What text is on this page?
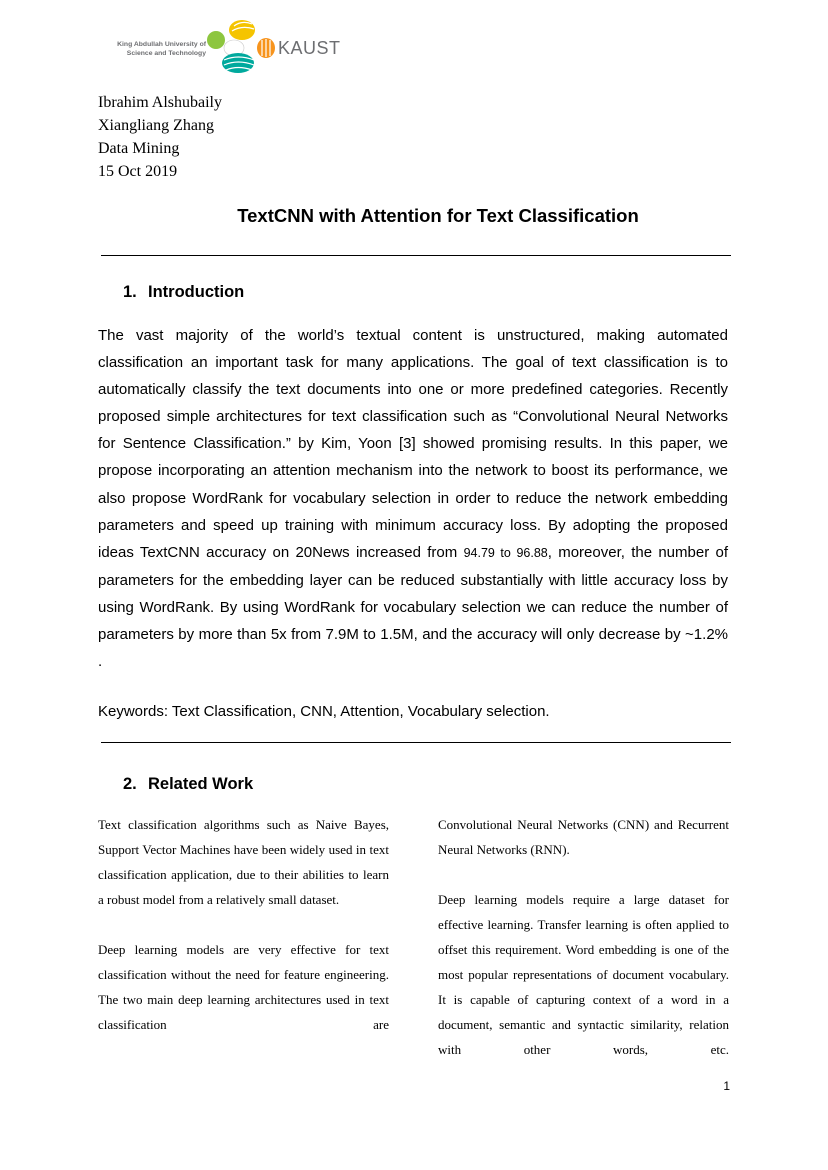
King Abdullah University of
Science and Technology	KAUST
Ibrahim Alshubaily
Xiangliang Zhang
Data Mining
15 Oct 2019
TextCNN with Attention for Text Classification
1. Introduction

The vast majority of the world’s textual content is unstructured, making automated classification an important task for many applications. The goal of text classification is to automatically classify the text documents into one or more predefined categories. Recently proposed simple architectures for text classification such as “Convolutional Neural Networks for Sentence Classification.” by Kim, Yoon [3] showed promising results. In this paper, we propose incorporating an attention mechanism into the network to boost its performance, we also propose WordRank for vocabulary selection in order to reduce the network embedding parameters and speed up training with minimum accuracy loss. By adopting the proposed ideas TextCNN accuracy on 20News increased from 94.79 to 96.88, moreover, the number of parameters for the embedding layer can be reduced substantially with little accuracy loss by using WordRank. By using WordRank for vocabulary selection we can reduce the number of parameters by more than 5x from 7.9M to 1.5M, and the accuracy will only decrease by ~1.2% .

Keywords: Text Classification, CNN, Attention, Vocabulary selection.
2. Related Work

Text classification algorithms such as Naive Bayes, Support Vector Machines have been widely used in text classification application, due to their abilities to learn a robust model from a relatively small dataset.

Deep learning models are very effective for text classification without the need for feature engineering. The two main deep learning architectures used in text classification are

Convolutional Neural Networks (CNN) and Recurrent Neural Networks (RNN).

Deep learning models require a large dataset for effective learning. Transfer learning is often applied to offset this requirement. Word embedding is one of the most popular representations of document vocabulary. It is capable of capturing context of a word in a document, semantic and syntactic similarity, relation with other words, etc.

1
